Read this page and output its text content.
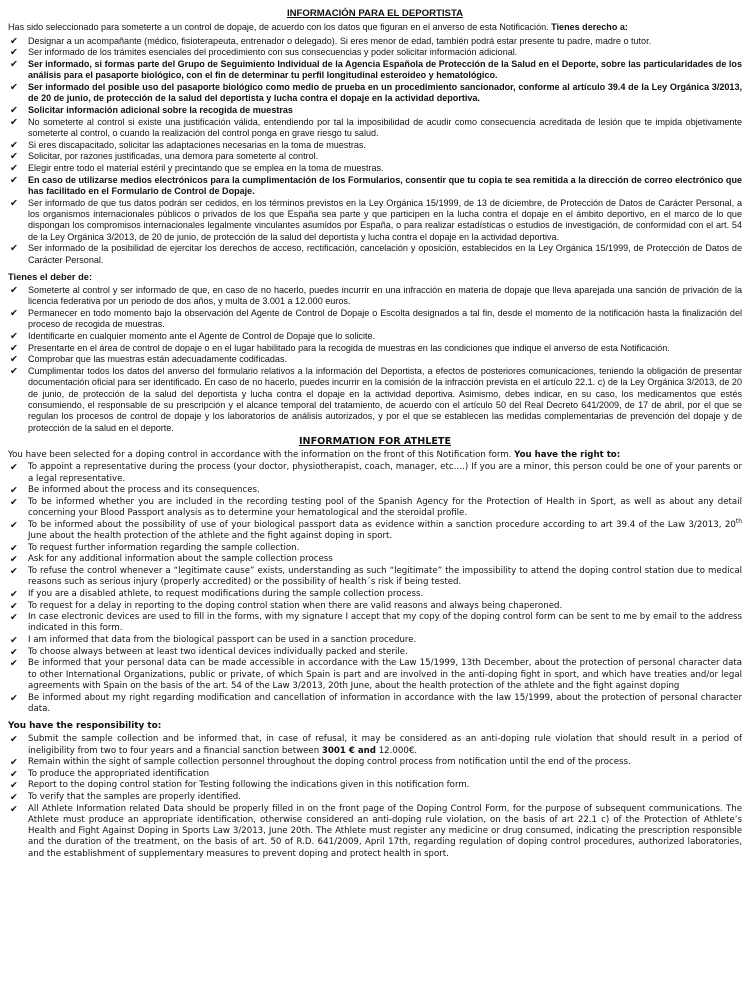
INFORMACIÓN PARA EL DEPORTISTA
Has sido seleccionado para someterte a un control de dopaje, de acuerdo con los datos que figuran en el anverso de esta Notificación. Tienes derecho a:
✔ Designar a un acompañante (médico, fisioterapeuta, entrenador o delegado). Si eres menor de edad, también podrá estar presente tu padre, madre o tutor.
✔ Ser informado de los trámites esenciales del procedimiento con sus consecuencias y poder solicitar información adicional.
✔ Ser informado, si formas parte del Grupo de Seguimiento Individual de la Agencia Española de Protección de la Salud en el Deporte, sobre las particularidades de los análisis para el pasaporte biológico, con el fin de determinar tu perfil longitudinal esteroideo y hematológico.
✔ Ser informado del posible uso del pasaporte biológico como medio de prueba en un procedimiento sancionador, conforme al artículo 39.4 de la Ley Orgánica 3/2013, de 20 de junio, de protección de la salud del deportista y lucha contra el dopaje en la actividad deportiva.
✔ Solicitar información adicional sobre la recogida de muestras
✔ No someterte al control si existe una justificación válida, entendiendo por tal la imposibilidad de acudir como consecuencia acreditada de lesión que te impida objetivamente someterte al control, o cuando la realización del control ponga en grave riesgo tu salud.
✔ Si eres discapacitado, solicitar las adaptaciones necesarias en la toma de muestras.
✔ Solicitar, por razones justificadas, una demora para someterte al control.
✔ Elegir entre todo el material estéril y precintando que se emplea en la toma de muestras.
✔ En caso de utilizarse medios electrónicos para la cumplimentación de los Formularios, consentir que tu copia te sea remitida a la dirección de correo electrónico que has facilitado en el Formulario de Control de Dopaje.
✔ Ser informado de que tus datos podrán ser cedidos, en los términos previstos en la Ley Orgánica 15/1999, de 13 de diciembre, de Protección de Datos de Carácter Personal, a los organismos internacionales públicos o privados de los que España sea parte y que participen en la lucha contra el dopaje en el ámbito deportivo, en el marco de lo que dispongan los compromisos internacionales legalmente vinculantes asumidos por España, o para realizar estadísticas o estudios de investigación, de conformidad con el art. 54 de la Ley Orgánica 3/2013, de 20 de junio, de protección de la salud del deportista y lucha contra el dopaje en la actividad deportiva.
✔ Ser informado de la posibilidad de ejercitar los derechos de acceso, rectificación, cancelación y oposición, establecidos en la Ley Orgánica 15/1999, de Protección de Datos de Carácter Personal.
Tienes el deber de:
✔ Someterte al control y ser informado de que, en caso de no hacerlo, puedes incurrir en una infracción en materia de dopaje que lleva aparejada una sanción de privación de la licencia federativa por un periodo de dos años, y multa de 3.001 a 12.000 euros.
✔ Permanecer en todo momento bajo la observación del Agente de Control de Dopaje o Escolta designados a tal fin, desde el momento de la notificación hasta la finalización del proceso de recogida de muestras.
✔ Identificarte en cualquier momento ante el Agente de Control de Dopaje que lo solicite.
✔ Presentarte en el área de control de dopaje o en el lugar habilitado para la recogida de muestras en las condiciones que indique el anverso de esta Notificación.
✔ Comprobar que las muestras están adecuadamente codificadas.
✔ Cumplimentar todos los datos del anverso del formulario relativos a la información del Deportista, a efectos de posteriores comunicaciones, teniendo la obligación de presentar documentación oficial para ser identificado. En caso de no hacerlo, puedes incurrir en la comisión de la infracción prevista en el artículo 22.1. c) de la Ley Orgánica 3/2013, de 20 de junio, de protección de la salud del deportista y lucha contra el dopaje en la actividad deportiva. Asimismo, debes indicar, en su caso, los medicamentos que estés consumiendo, el responsable de su prescripción y el alcance temporal del tratamiento, de acuerdo con el artículo 50 del Real Decreto 641/2009, de 17 de abril, por el que se regulan los procesos de control de dopaje y los laboratorios de análisis autorizados, y por el que se establecen las medidas complementarias de prevención del dopaje y de protección de la salud en el deporte.
INFORMATION FOR ATHLETE
You have been selected for a doping control in accordance with the information on the front of this Notification form. You have the right to:
✔ To appoint a representative during the process (your doctor, physiotherapist, coach, manager, etc….) If you are a minor, this person could be one of your parents or a legal representative.
✔ Be informed about the process and its consequences.
✔ To be informed whether you are included in the recording testing pool of the Spanish Agency for the Protection of Health in Sport, as well as about any detail concerning your Blood Passport analysis as to determine your hematological and the steroidal profile.
✔ To be informed about the possibility of use of your biological passport data as evidence within a sanction procedure according to art 39.4 of the Law 3/2013, 20th June about the health protection of the athlete and the fight against doping in sport.
✔ To request further information regarding the sample collection.
✔ Ask for any additional information about the sample collection process
✔ To refuse the control whenever a “legitimate cause” exists, understanding as such “legitimate” the impossibility to attend the doping control station due to medical reasons such as serious injury (properly accredited) or the possibility of health´s risk if being tested.
✔ If you are a disabled athlete, to request modifications during the sample collection process.
✔ To request for a delay in reporting to the doping control station when there are valid reasons and always being chaperoned.
✔ In case electronic devices are used to fill in the forms, with my signature I accept that my copy of the doping control form can be sent to me by email to the address indicated in this form.
✔ I am informed that data from the biological passport can be used in a sanction procedure.
✔ To choose always between at least two identical devices individually packed and sterile.
✔ Be informed that your personal data can be made accessible in accordance with the Law 15/1999, 13th December, about the protection of personal character data to other International Organizations, public or private, of which Spain is part and are involved in the anti-doping fight in sport, and which have treaties and/or legal agreements with Spain on the basis of the art. 54 of the Law 3/2013, 20th June, about the health protection of the athlete and the fight against doping
✔ Be informed about my right regarding modification and cancellation of information in accordance with the law 15/1999, about the protection of personal character data.
You have the responsibility to:
✔ Submit the sample collection and be informed that, in case of refusal, it may be considered as an anti-doping rule violation that should result in a period of ineligibility from two to four years and a financial sanction between 3001 € and 12.000€.
✔ Remain within the sight of sample collection personnel throughout the doping control process from notification until the end of the process.
✔ To produce the appropriated identification
✔ Report to the doping control station for Testing following the indications given in this notification form.
✔ To verify that the samples are properly identified.
✔ All Athlete Information related Data should be properly filled in on the front page of the Doping Control Form, for the purpose of subsequent communications. The Athlete must produce an appropriate identification, otherwise considered an anti-doping rule violation, on the basis of art 22.1 c) of the Protection of Athlete’s Health and Fight Against Doping in Sports Law 3/2013, June 20th. The Athlete must register any medicine or drug consumed, indicating the prescription responsible and the duration of the treatment, on the basis of art. 50 of R.D. 641/2009, April 17th, regarding regulation of doping control procedures, authorized laboratories, and the establishment of supplementary measures to prevent doping and protect health in sport.
